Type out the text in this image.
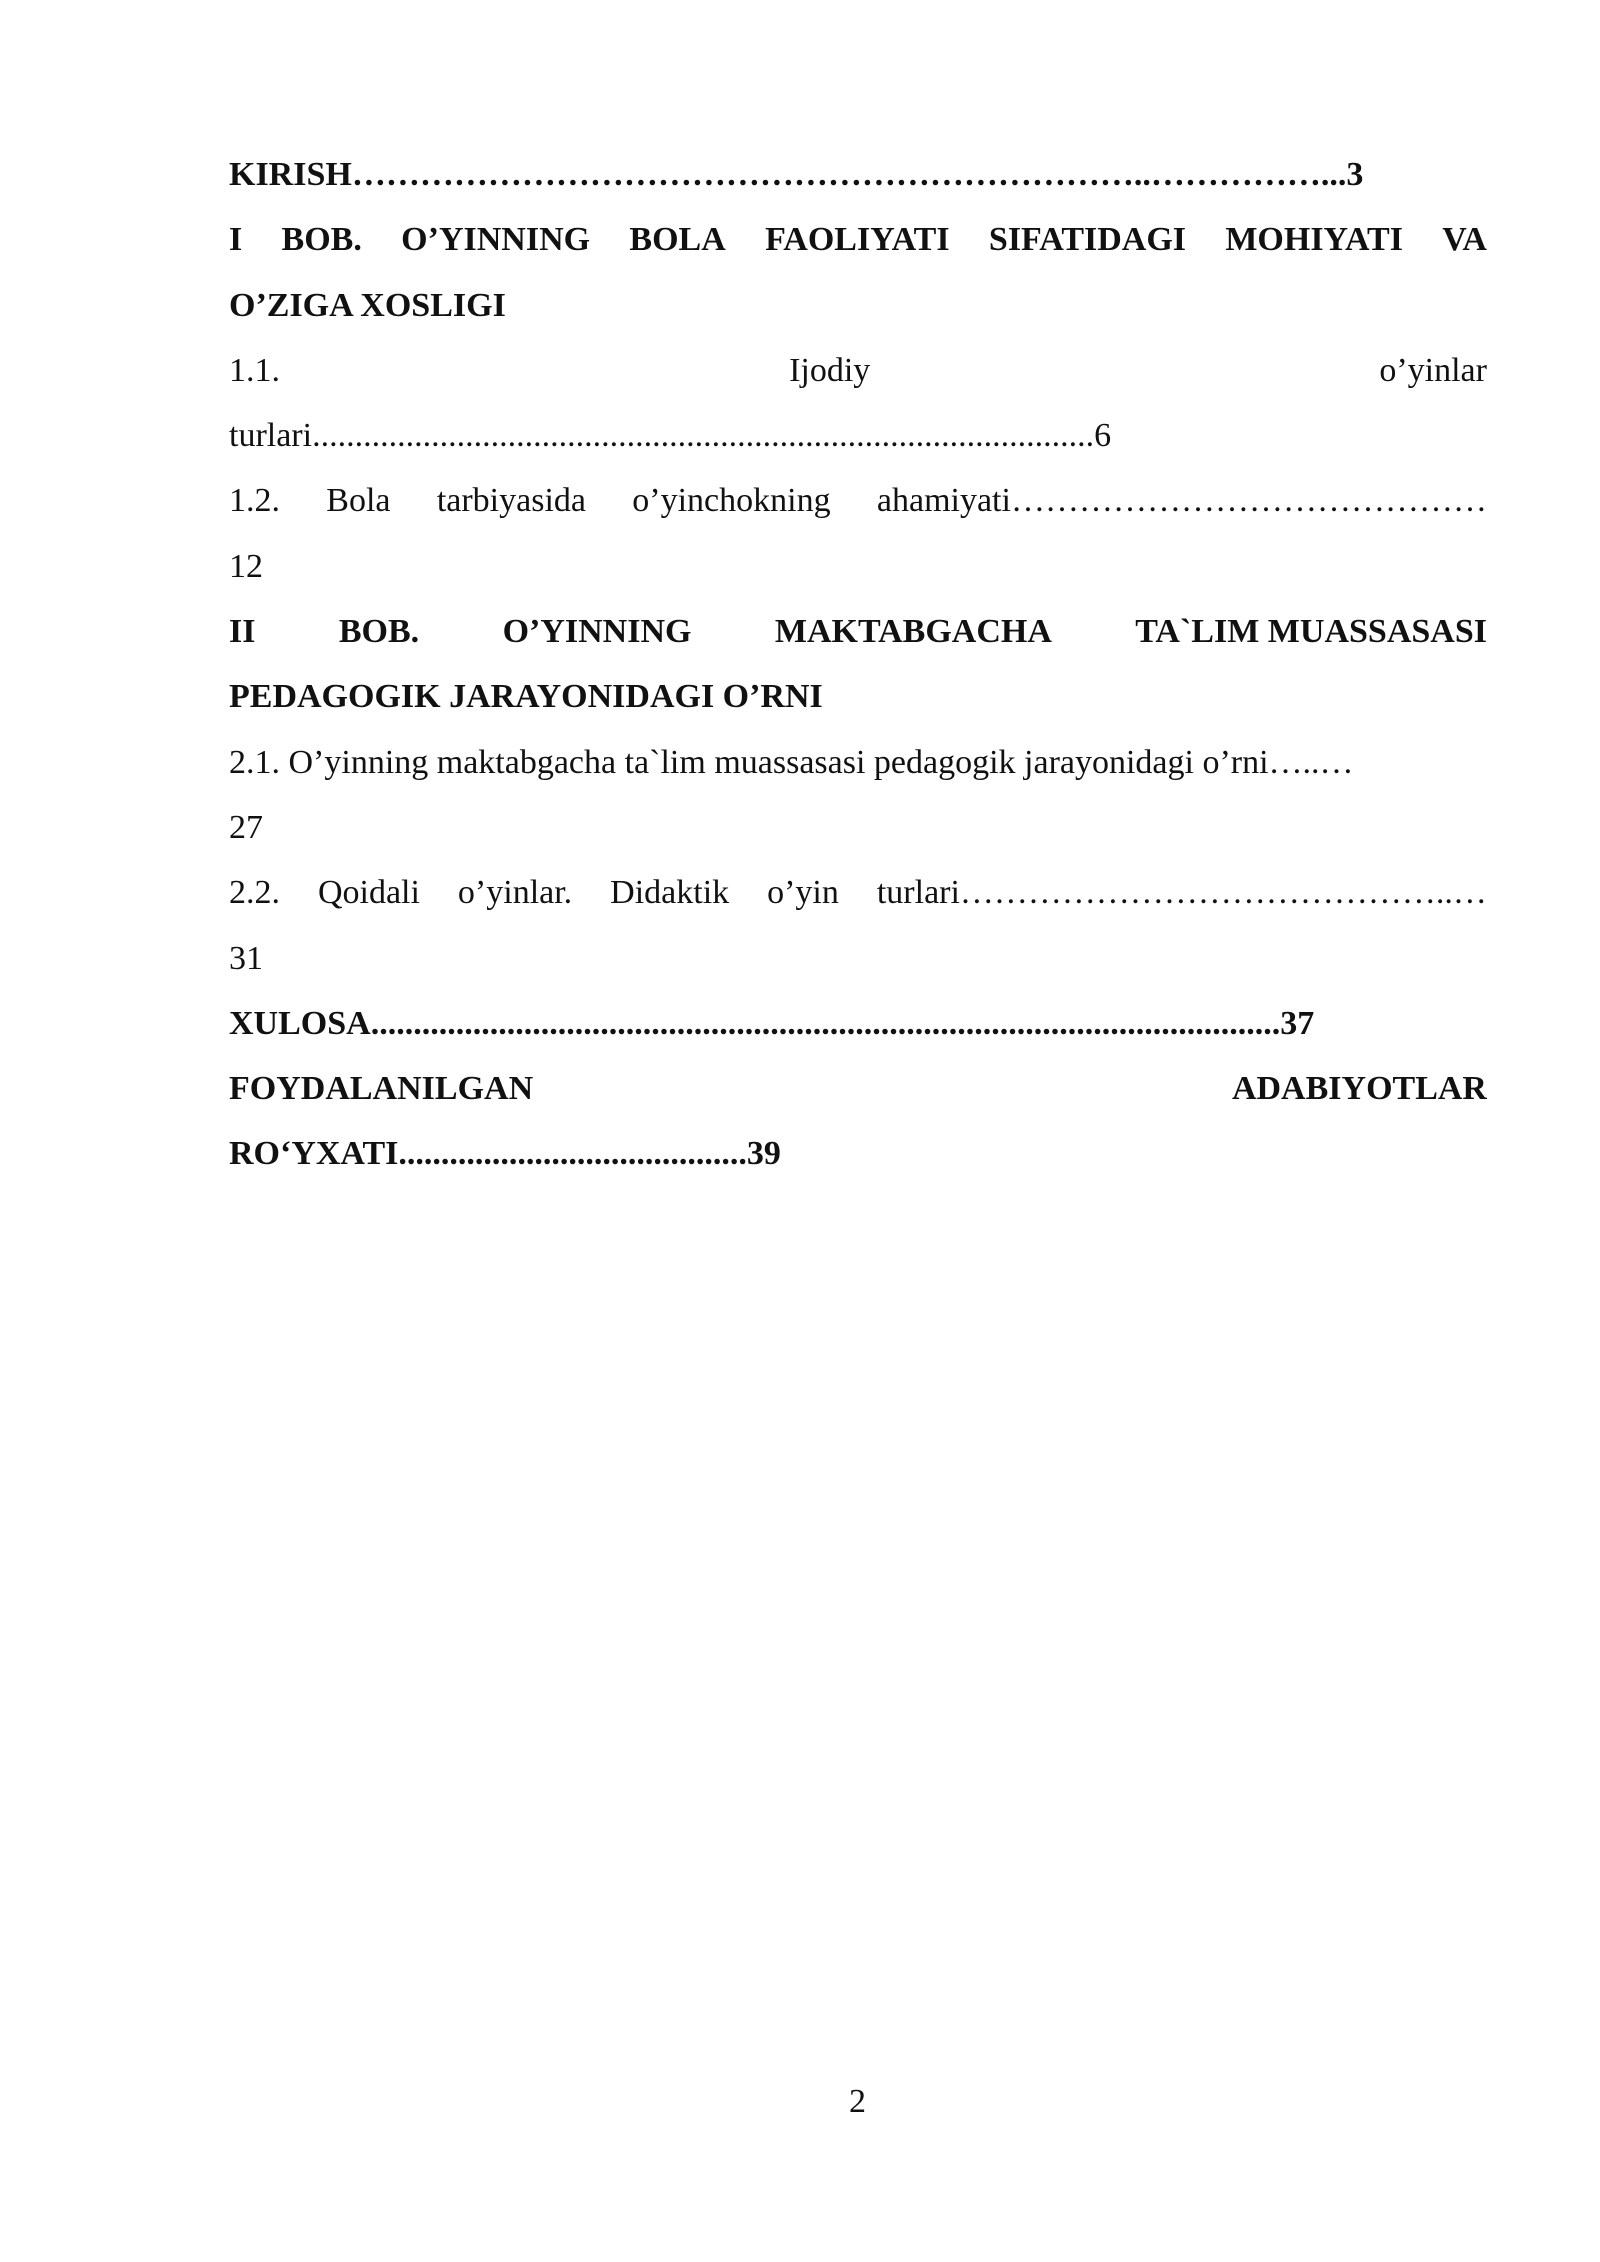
KIRISH……………………………………………………………..……………...3
I BOB. O’YINNING BOLA FAOLIYATI SIFATIDAGI MOHIYATI VA
O’ZIGA XOSLIGI
1.1.	Ijodiy	o’yinlar
turlari............................................................................................6
1.2. Bola tarbiyasida o’yinchokning ahamiyati……………………………………
12
II BOB. O’YINNING MAKTABGACHA TA`LIM MUASSASASI
PEDAGOGIK JARAYONIDAGI O’RNI
2.1. O’yinning maktabgacha ta`lim muassasasi pedagogik jarayonidagi o’rni…..…
27
2.2. Qoidali o’yinlar. Didaktik o’yin turlari……………………………………..…
31
XULOSA...........................................................................................................37
FOYDALANILGAN	ADABIYOTLAR
RO‘YXATI.........................................39
2
